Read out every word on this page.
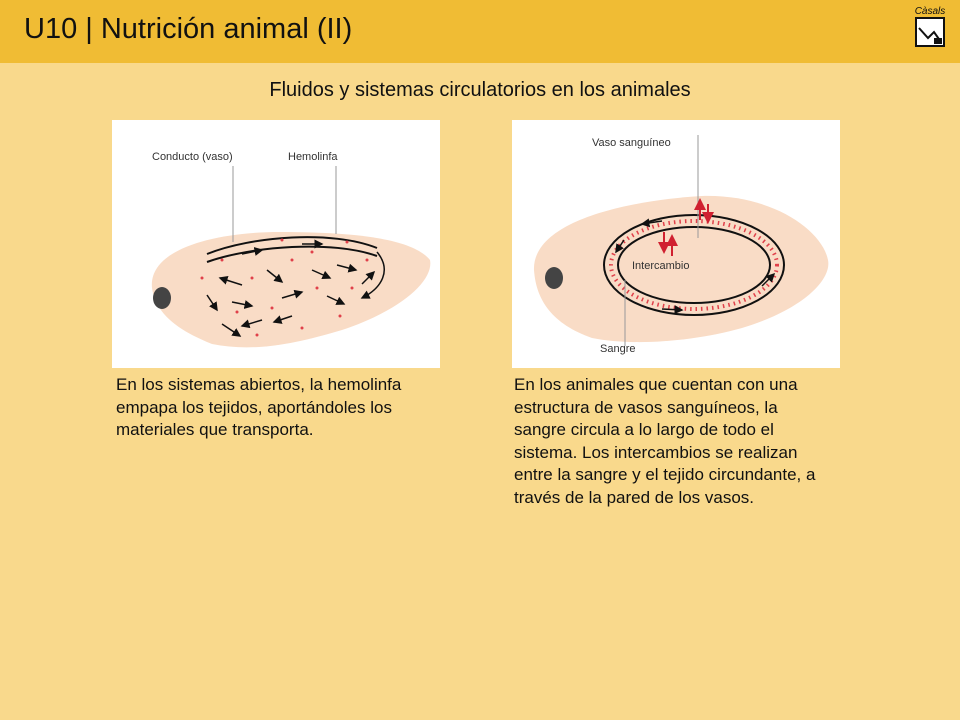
U10 | Nutrición animal (II)
Càsals
Fluidos y sistemas circulatorios en los animales
Conducto (vaso)	Hemolinfa
Vaso sanguíneo
Intercambio
Sangre
En los sistemas abiertos, la hemolinfa empapa los tejidos, aportándoles los materiales que transporta.
En los animales que cuentan con una estructura de vasos sanguíneos, la sangre circula a lo largo de todo el sistema. Los intercambios se realizan entre la sangre y el tejido circundante, a través de la pared de los vasos.
